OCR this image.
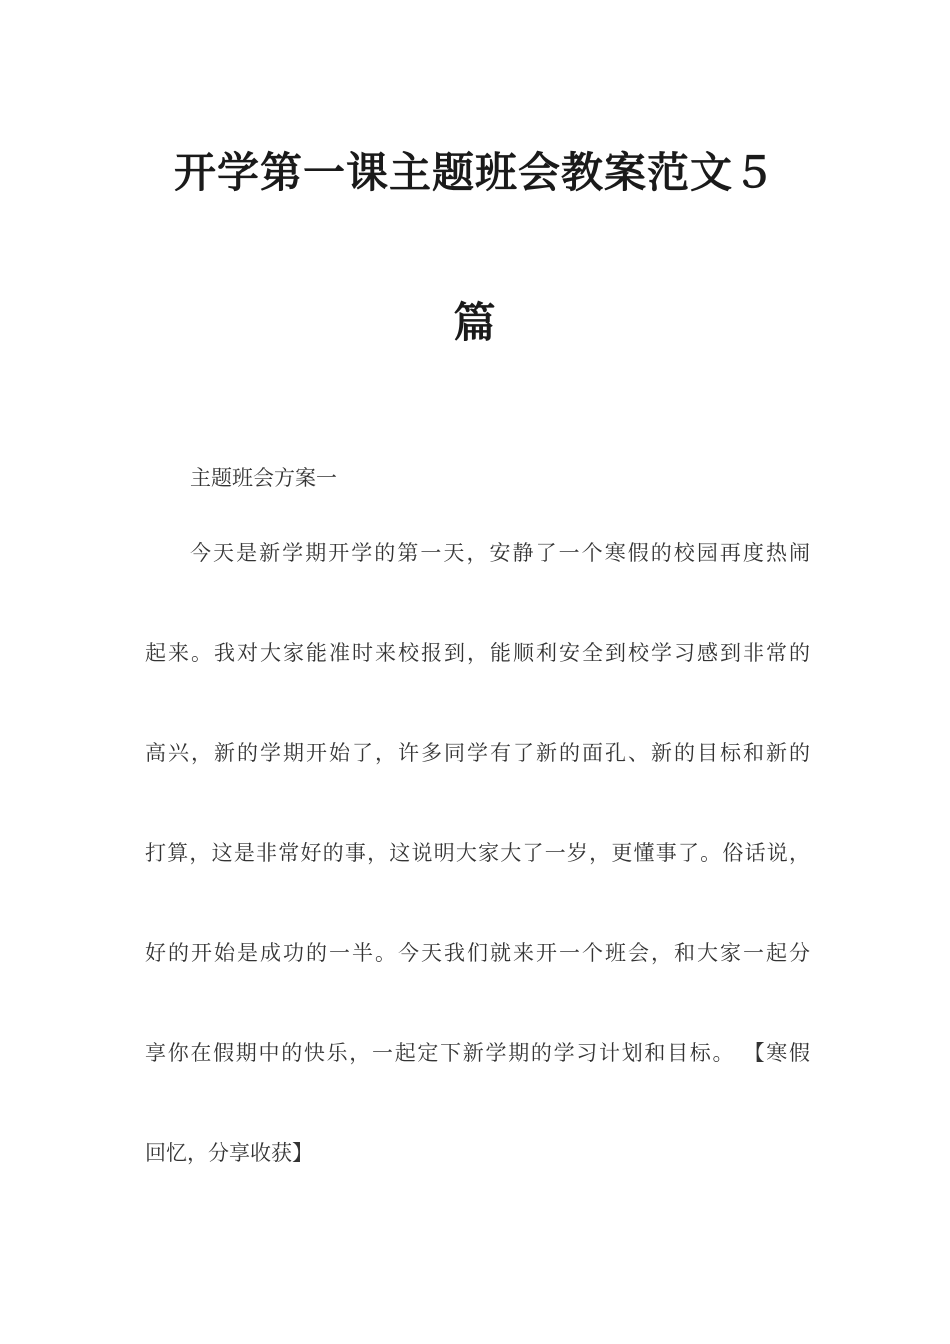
开学第一课主题班会教案范文５
篇

主题班会方案一

今天是新学期开学的第一天，安静了一个寒假的校园再度热闹

起来。我对大家能准时来校报到，能顺利安全到校学习感到非常的

高兴，新的学期开始了，许多同学有了新的面孔、新的目标和新的

打算，这是非常好的事，这说明大家大了一岁，更懂事了。俗话说，

好的开始是成功的一半。今天我们就来开一个班会，和大家一起分

享你在假期中的快乐，一起定下新学期的学习计划和目标。 【寒假

回忆，分享收获】
